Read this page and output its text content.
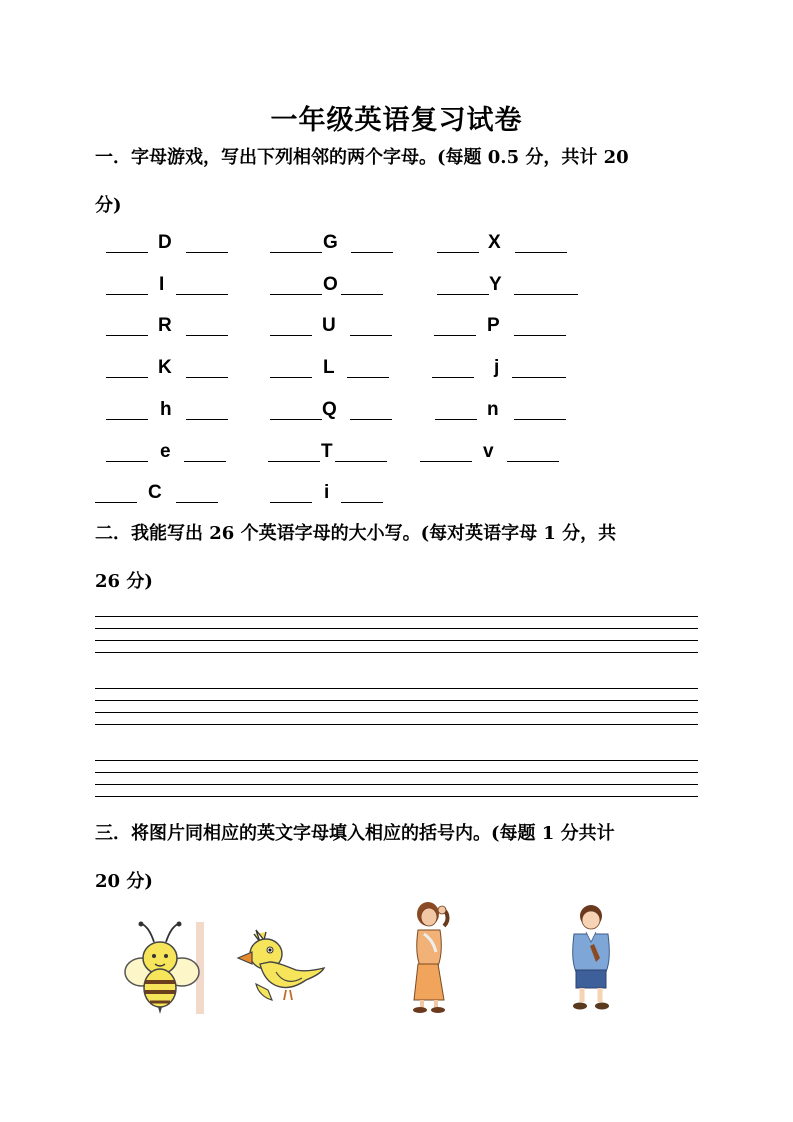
一年级英语复习试卷
一．字母游戏，写出下列相邻的两个字母。(每题 0.5 分，共计 20
分)
D	G	X
I	O	Y
R	U	P
K	L	j
h	Q	n
e	T	v
C	i
二．我能写出 26 个英语字母的大小写。(每对英语字母 1 分，共
26 分)
三．将图片同相应的英文字母填入相应的括号内。(每题 1 分共计
20 分)
